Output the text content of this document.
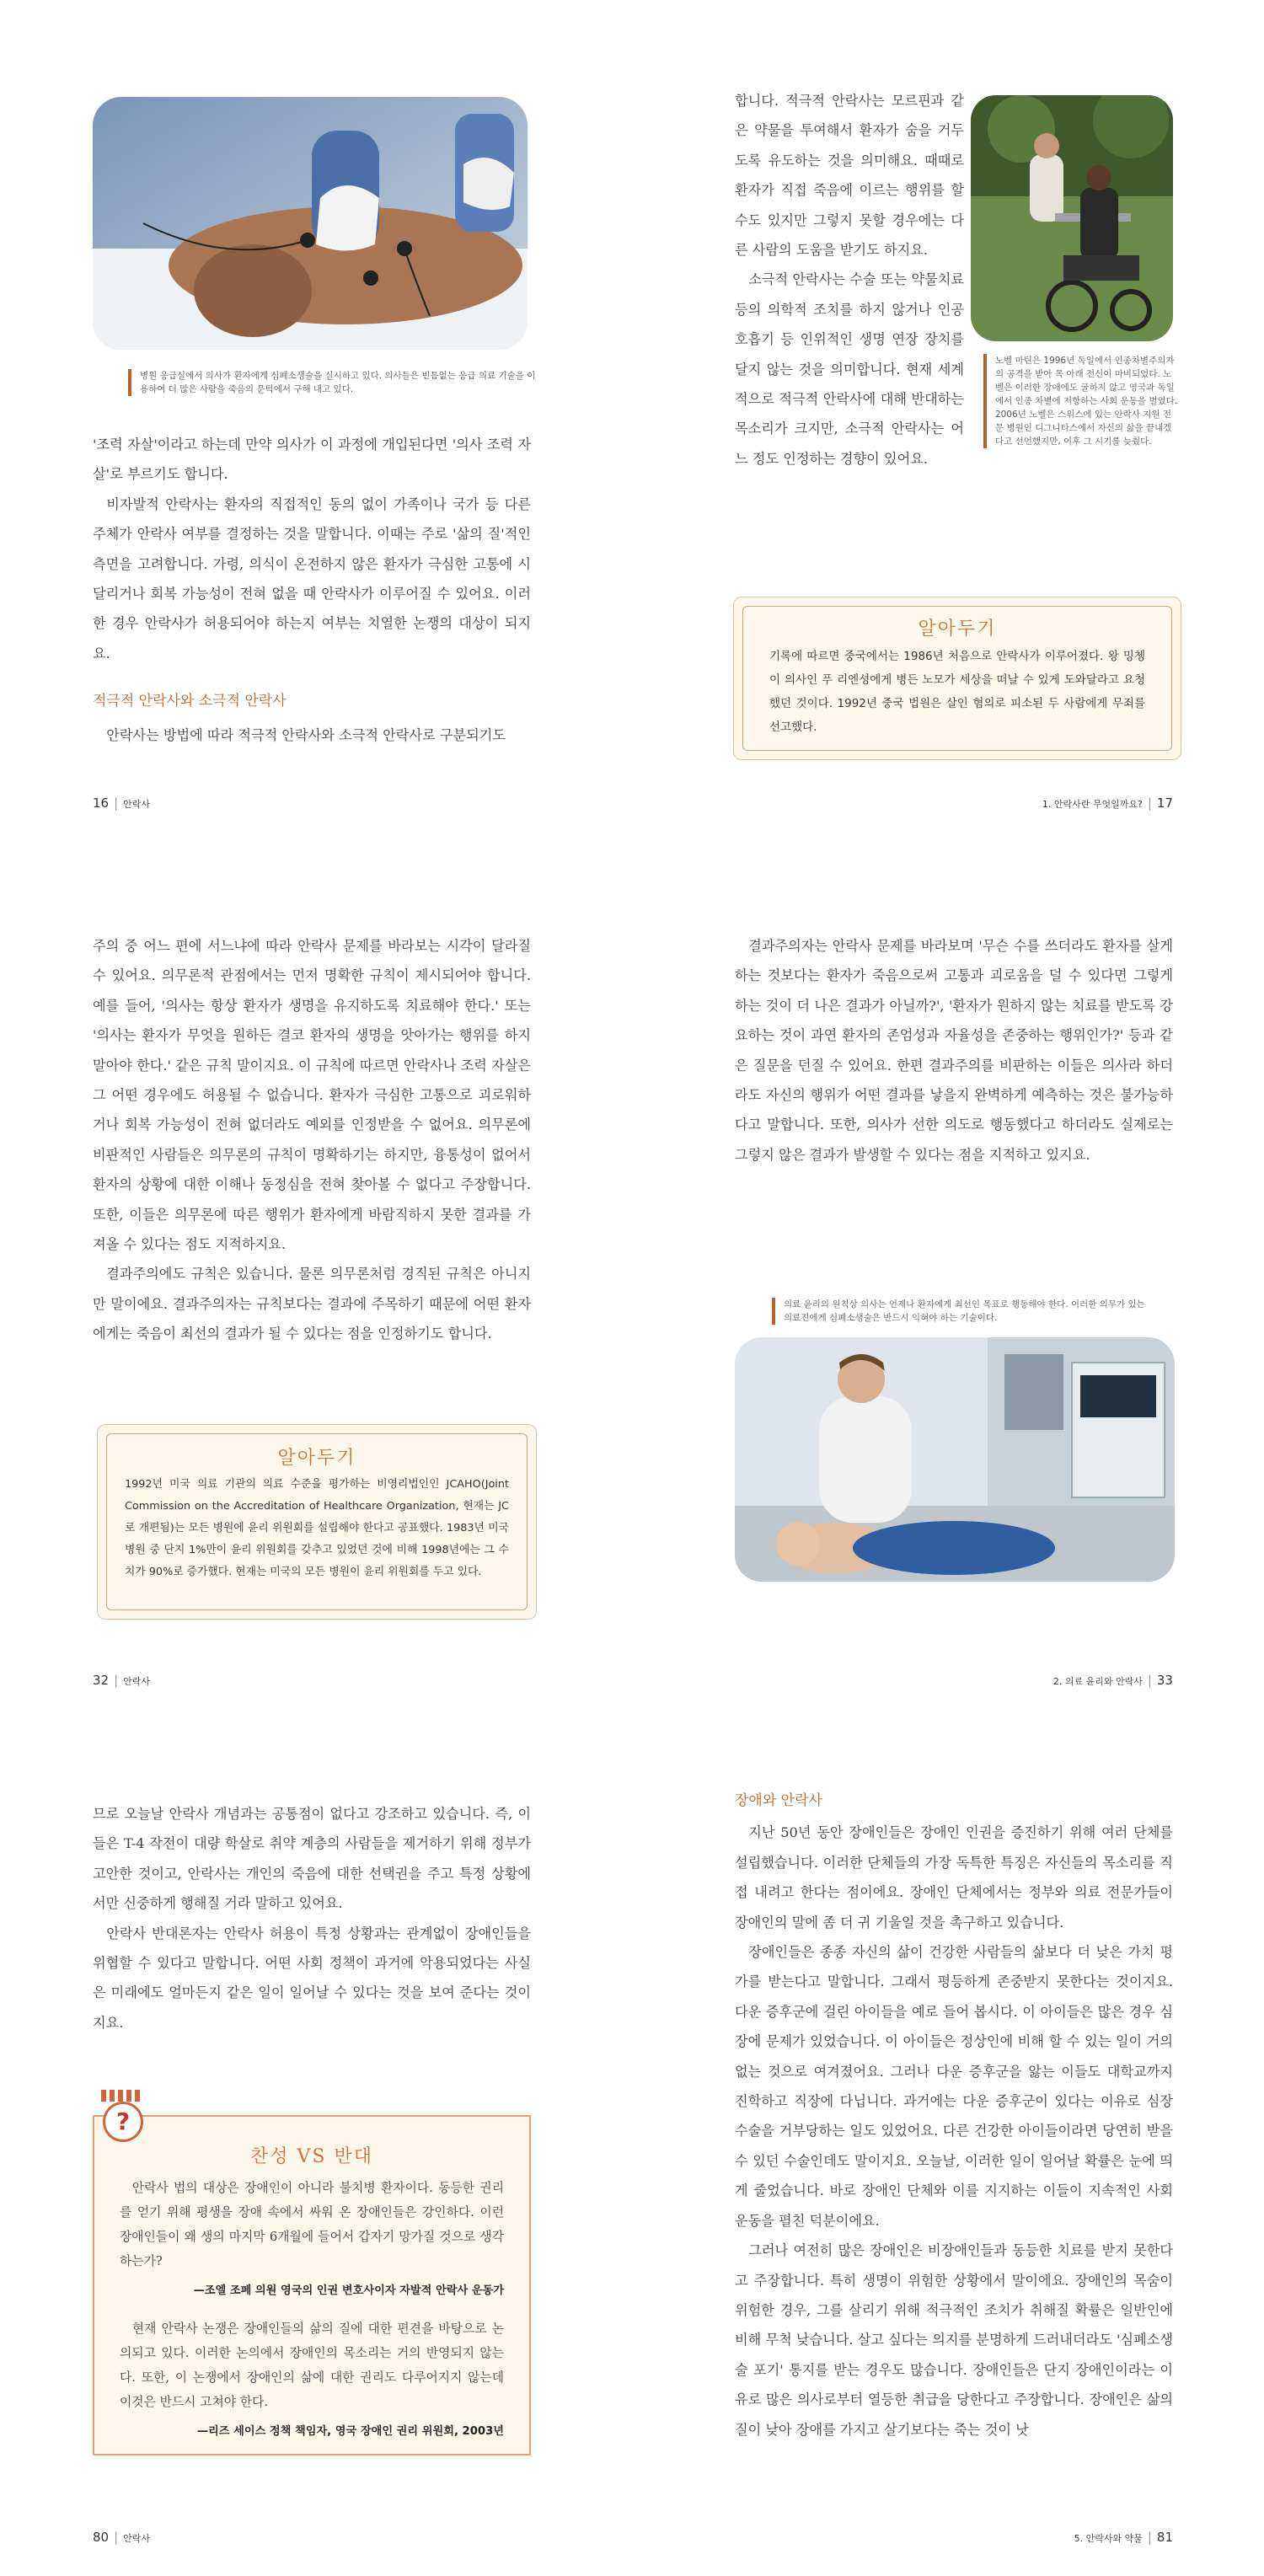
병원 응급실에서 의사가 환자에게 심폐소생술을 실시하고 있다. 의사들은 빈틈없는 응급 의료 기술을 이용하여 더 많은 사람을 죽음의 문턱에서 구해 내고 있다.

'조력 자살'이라고 하는데 만약 의사가 이 과정에 개입된다면 '의사 조력 자살'로 부르기도 합니다.

비자발적 안락사는 환자의 직접적인 동의 없이 가족이나 국가 등 다른 주체가 안락사 여부를 결정하는 것을 말합니다. 이때는 주로 '삶의 질'적인 측면을 고려합니다. 가령, 의식이 온전하지 않은 환자가 극심한 고통에 시달리거나 회복 가능성이 전혀 없을 때 안락사가 이루어질 수 있어요. 이러한 경우 안락사가 허용되어야 하는지 여부는 치열한 논쟁의 대상이 되지요.

적극적 안락사와 소극적 안락사

안락사는 방법에 따라 적극적 안락사와 소극적 안락사로 구분되기도

16 | 안락사

합니다. 적극적 안락사는 모르핀과 같은 약물을 투여해서 환자가 숨을 거두도록 유도하는 것을 의미해요. 때때로 환자가 직접 죽음에 이르는 행위를 할 수도 있지만 그렇지 못할 경우에는 다른 사람의 도움을 받기도 하지요.

소극적 안락사는 수술 또는 약물치료 등의 의학적 조치를 하지 않거나 인공호흡기 등 인위적인 생명 연장 장치를 달지 않는 것을 의미합니다. 현재 세계적으로 적극적 안락사에 대해 반대하는 목소리가 크지만, 소극적 안락사는 어느 정도 인정하는 경향이 있어요.

노벨 마틴은 1996년 독일에서 인종차별주의자의 공격을 받아 목 아래 전신이 마비되었다. 노벨은 이러한 장애에도 굴하지 않고 영국과 독일에서 인종 차별에 저항하는 사회 운동을 벌였다. 2006년 노벨은 스위스에 있는 안락사 지원 전문 병원인 디그니타스에서 자신의 삶을 끝내겠다고 선언했지만, 이후 그 시기를 늦췄다.
알아두기
기록에 따르면 중국에서는 1986년 처음으로 안락사가 이루어졌다. 왕 밍쳉이 의사인 푸 리엔셩에게 병든 노모가 세상을 떠날 수 있게 도와달라고 요청했던 것이다. 1992년 중국 법원은 살인 혐의로 피소된 두 사람에게 무죄를 선고했다.
1. 안락사란 무엇일까요? | 17

주의 중 어느 편에 서느냐에 따라 안락사 문제를 바라보는 시각이 달라질 수 있어요. 의무론적 관점에서는 먼저 명확한 규칙이 제시되어야 합니다. 예를 들어, '의사는 항상 환자가 생명을 유지하도록 치료해야 한다.' 또는 '의사는 환자가 무엇을 원하든 결코 환자의 생명을 앗아가는 행위를 하지 말아야 한다.' 같은 규칙 말이지요. 이 규칙에 따르면 안락사나 조력 자살은 그 어떤 경우에도 허용될 수 없습니다. 환자가 극심한 고통으로 괴로워하거나 회복 가능성이 전혀 없더라도 예외를 인정받을 수 없어요. 의무론에 비판적인 사람들은 의무론의 규칙이 명확하기는 하지만, 융통성이 없어서 환자의 상황에 대한 이해나 동정심을 전혀 찾아볼 수 없다고 주장합니다. 또한, 이들은 의무론에 따른 행위가 환자에게 바람직하지 못한 결과를 가져올 수 있다는 점도 지적하지요.

결과주의에도 규칙은 있습니다. 물론 의무론처럼 경직된 규칙은 아니지만 말이에요. 결과주의자는 규칙보다는 결과에 주목하기 때문에 어떤 환자에게는 죽음이 최선의 결과가 될 수 있다는 점을 인정하기도 합니다.

알아두기
1992년 미국 의료 기관의 의료 수준을 평가하는 비영리법인인 JCAHO(Joint Commission on the Accreditation of Healthcare Organization, 현재는 JC로 개편됨)는 모든 병원에 윤리 위원회를 설립해야 한다고 공표했다. 1983년 미국 병원 중 단지 1%만이 윤리 위원회를 갖추고 있었던 것에 비해 1998년에는 그 수치가 90%로 증가했다. 현재는 미국의 모든 병원이 윤리 위원회를 두고 있다.
32 | 안락사

결과주의자는 안락사 문제를 바라보며 '무슨 수를 쓰더라도 환자를 살게 하는 것보다는 환자가 죽음으로써 고통과 괴로움을 덜 수 있다면 그렇게 하는 것이 더 나은 결과가 아닐까?', '환자가 원하지 않는 치료를 받도록 강요하는 것이 과연 환자의 존엄성과 자율성을 존중하는 행위인가?' 등과 같은 질문을 던질 수 있어요. 한편 결과주의를 비판하는 이들은 의사라 하더라도 자신의 행위가 어떤 결과를 낳을지 완벽하게 예측하는 것은 불가능하다고 말합니다. 또한, 의사가 선한 의도로 행동했다고 하더라도 실제로는 그렇지 않은 결과가 발생할 수 있다는 점을 지적하고 있지요.

의료 윤리의 원칙상 의사는 언제나 환자에게 최선인 목표로 행동해야 한다. 이러한 의무가 있는 의료진에게 심폐소생술은 반드시 익혀야 하는 기술이다.
2. 의료 윤리와 안락사 | 33

므로 오늘날 안락사 개념과는 공통점이 없다고 강조하고 있습니다. 즉, 이들은 T-4 작전이 대량 학살로 취약 계층의 사람들을 제거하기 위해 정부가 고안한 것이고, 안락사는 개인의 죽음에 대한 선택권을 주고 특정 상황에서만 신중하게 행해질 거라 말하고 있어요.

안락사 반대론자는 안락사 허용이 특정 상황과는 관계없이 장애인들을 위협할 수 있다고 말합니다. 어떤 사회 정책이 과거에 악용되었다는 사실은 미래에도 얼마든지 같은 일이 일어날 수 있다는 것을 보여 준다는 것이지요.

?
찬성 VS 반대

안락사 법의 대상은 장애인이 아니라 불치병 환자이다. 동등한 권리를 얻기 위해 평생을 장애 속에서 싸워 온 장애인들은 강인하다. 이런 장애인들이 왜 생의 마지막 6개월에 들어서 갑자기 망가질 것으로 생각하는가?

—조엘 조페 의원 영국의 인권 변호사이자 자발적 안락사 운동가

현재 안락사 논쟁은 장애인들의 삶의 질에 대한 편견을 바탕으로 논의되고 있다. 이러한 논의에서 장애인의 목소리는 거의 반영되지 않는다. 또한, 이 논쟁에서 장애인의 삶에 대한 권리도 다루어지지 않는데 이것은 반드시 고쳐야 한다.

—리즈 세이스 정책 책임자, 영국 장애인 권리 위원회, 2003년
80 | 안락사
장애와 안락사

지난 50년 동안 장애인들은 장애인 인권을 증진하기 위해 여러 단체를 설립했습니다. 이러한 단체들의 가장 독특한 특징은 자신들의 목소리를 직접 내려고 한다는 점이에요. 장애인 단체에서는 정부와 의료 전문가들이 장애인의 말에 좀 더 귀 기울일 것을 촉구하고 있습니다.

장애인들은 종종 자신의 삶이 건강한 사람들의 삶보다 더 낮은 가치 평가를 받는다고 말합니다. 그래서 평등하게 존중받지 못한다는 것이지요. 다운 증후군에 걸린 아이들을 예로 들어 봅시다. 이 아이들은 많은 경우 심장에 문제가 있었습니다. 이 아이들은 정상인에 비해 할 수 있는 일이 거의 없는 것으로 여겨졌어요. 그러나 다운 증후군을 앓는 이들도 대학교까지 진학하고 직장에 다닙니다. 과거에는 다운 증후군이 있다는 이유로 심장 수술을 거부당하는 일도 있었어요. 다른 건강한 아이들이라면 당연히 받을 수 있던 수술인데도 말이지요. 오늘날, 이러한 일이 일어날 확률은 눈에 띄게 줄었습니다. 바로 장애인 단체와 이를 지지하는 이들이 지속적인 사회 운동을 펼친 덕분이에요.

그러나 여전히 많은 장애인은 비장애인들과 동등한 치료를 받지 못한다고 주장합니다. 특히 생명이 위험한 상황에서 말이에요. 장애인의 목숨이 위험한 경우, 그를 살리기 위해 적극적인 조치가 취해질 확률은 일반인에 비해 무척 낮습니다. 살고 싶다는 의지를 분명하게 드러내더라도 '심폐소생술 포기' 통지를 받는 경우도 많습니다. 장애인들은 단지 장애인이라는 이유로 많은 의사로부터 열등한 취급을 당한다고 주장합니다. 장애인은 삶의 질이 낮아 장애를 가지고 살기보다는 죽는 것이 낫

5. 안락사와 약물 | 81
